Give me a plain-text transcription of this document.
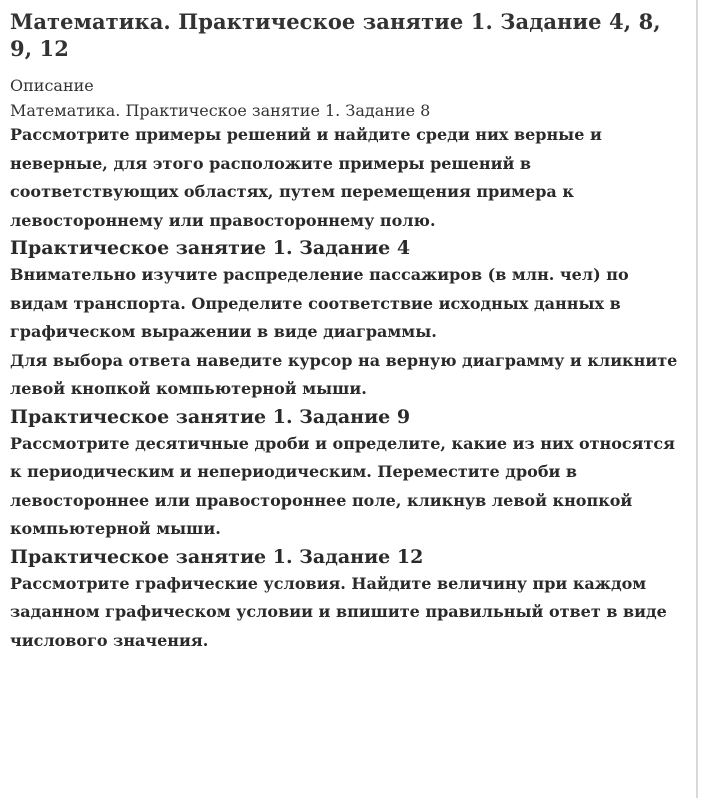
Математика. Практическое занятие 1. Задание 4, 8, 9, 12
Описание
Математика. Практическое занятие 1. Задание 8

Рассмотрите примеры решений и найдите среди них верные и неверные, для этого расположите примеры решений в соответствующих областях, путем перемещения примера к левостороннему или правостороннему полю.

Практическое занятие 1. Задание 4

Внимательно изучите распределение пассажиров (в млн. чел) по видам транспорта. Определите соответствие исходных данных в графическом выражении в виде диаграммы.

Для выбора ответа наведите курсор на верную диаграмму и кликните левой кнопкой компьютерной мыши.

Практическое занятие 1. Задание 9

Рассмотрите десятичные дроби и определите, какие из них относятся к периодическим и непериодическим. Переместите дроби в левостороннее или правостороннее поле, кликнув левой кнопкой компьютерной мыши.

Практическое занятие 1. Задание 12

Рассмотрите графические условия. Найдите величину при каждом заданном графическом условии и впишите правильный ответ в виде числового значения.
